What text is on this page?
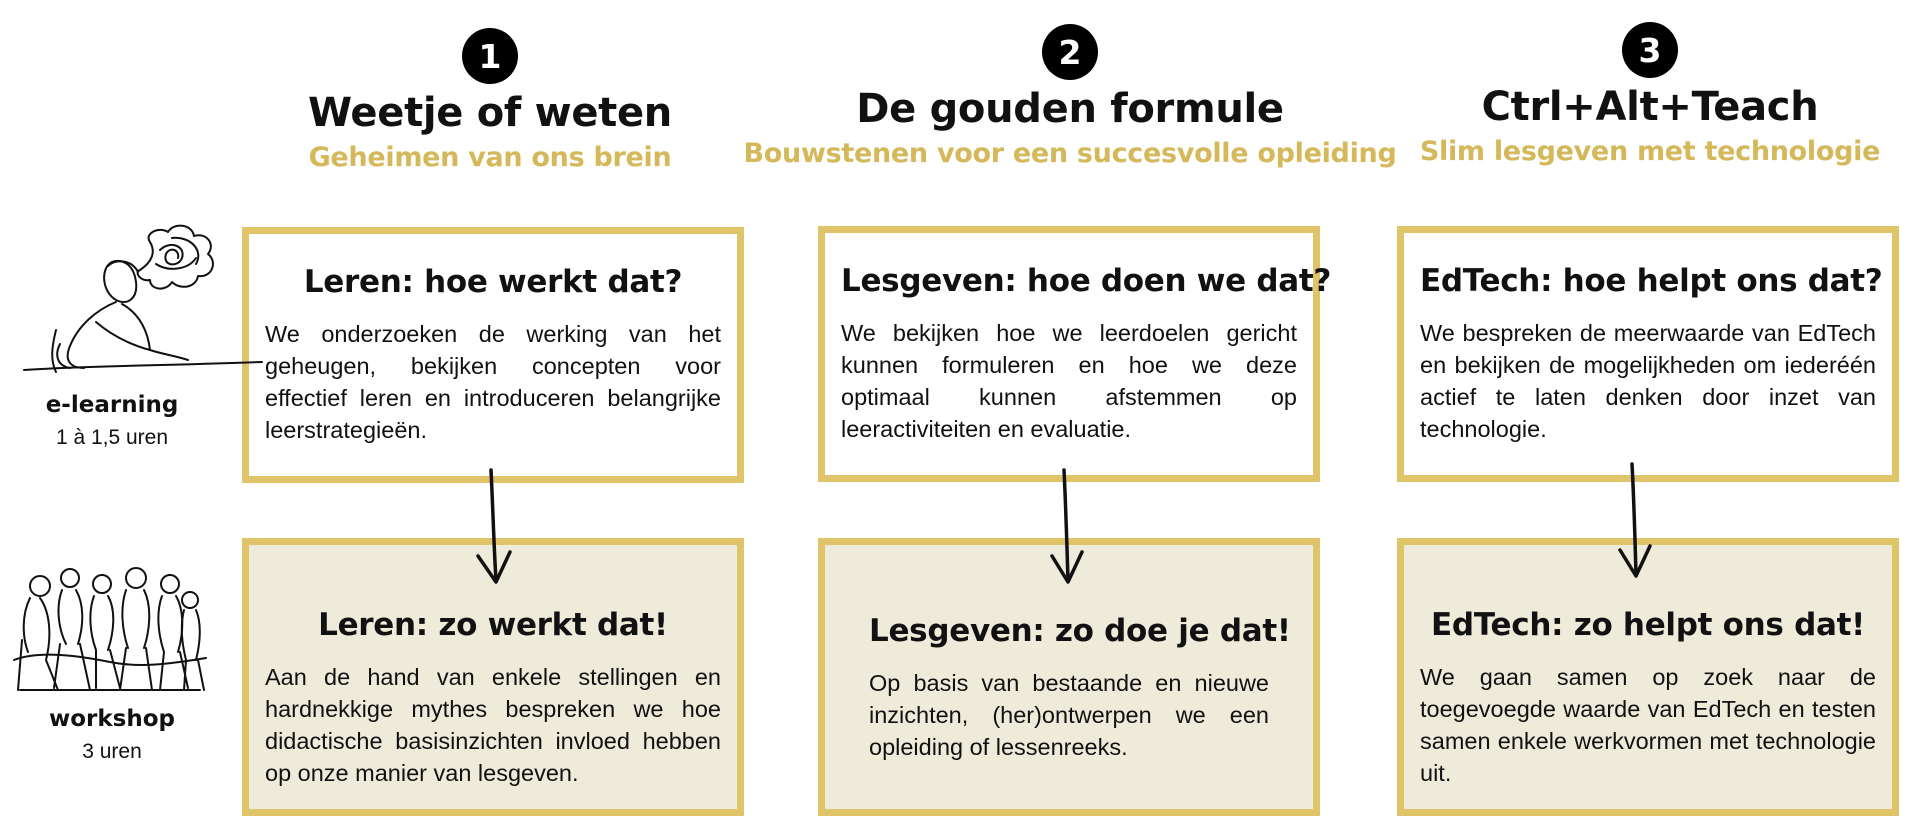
1
Weetje of weten
Geheimen van ons brein
2
De gouden formule
Bouwstenen voor een succesvolle opleiding
3
Ctrl+Alt+Teach
Slim lesgeven met technologie
Leren: hoe werkt dat?

We onderzoeken de werking van het geheugen, bekijken concepten voor effectief leren en introduceren belangrijke leerstrategieën.

Lesgeven: hoe doen we dat?

We bekijken hoe we leerdoelen gericht kunnen formuleren en hoe we deze optimaal kunnen afstemmen op leeractiviteiten en evaluatie.

EdTech: hoe helpt ons dat?

We bespreken de meerwaarde van EdTech en bekijken de mogelijkheden om iederéén actief te laten denken door inzet van technologie.

Leren: zo werkt dat!

Aan de hand van enkele stellingen en hardnekkige mythes bespreken we hoe didactische basisinzichten invloed hebben op onze manier van lesgeven.

Lesgeven: zo doe je dat!

Op basis van bestaande en nieuwe inzichten, (her)ontwerpen we een opleiding of lessenreeks.

EdTech: zo helpt ons dat!

We gaan samen op zoek naar de toegevoegde waarde van EdTech en testen samen enkele werkvormen met technologie uit.

e-learning
1 à 1,5 uren
workshop
3 uren
